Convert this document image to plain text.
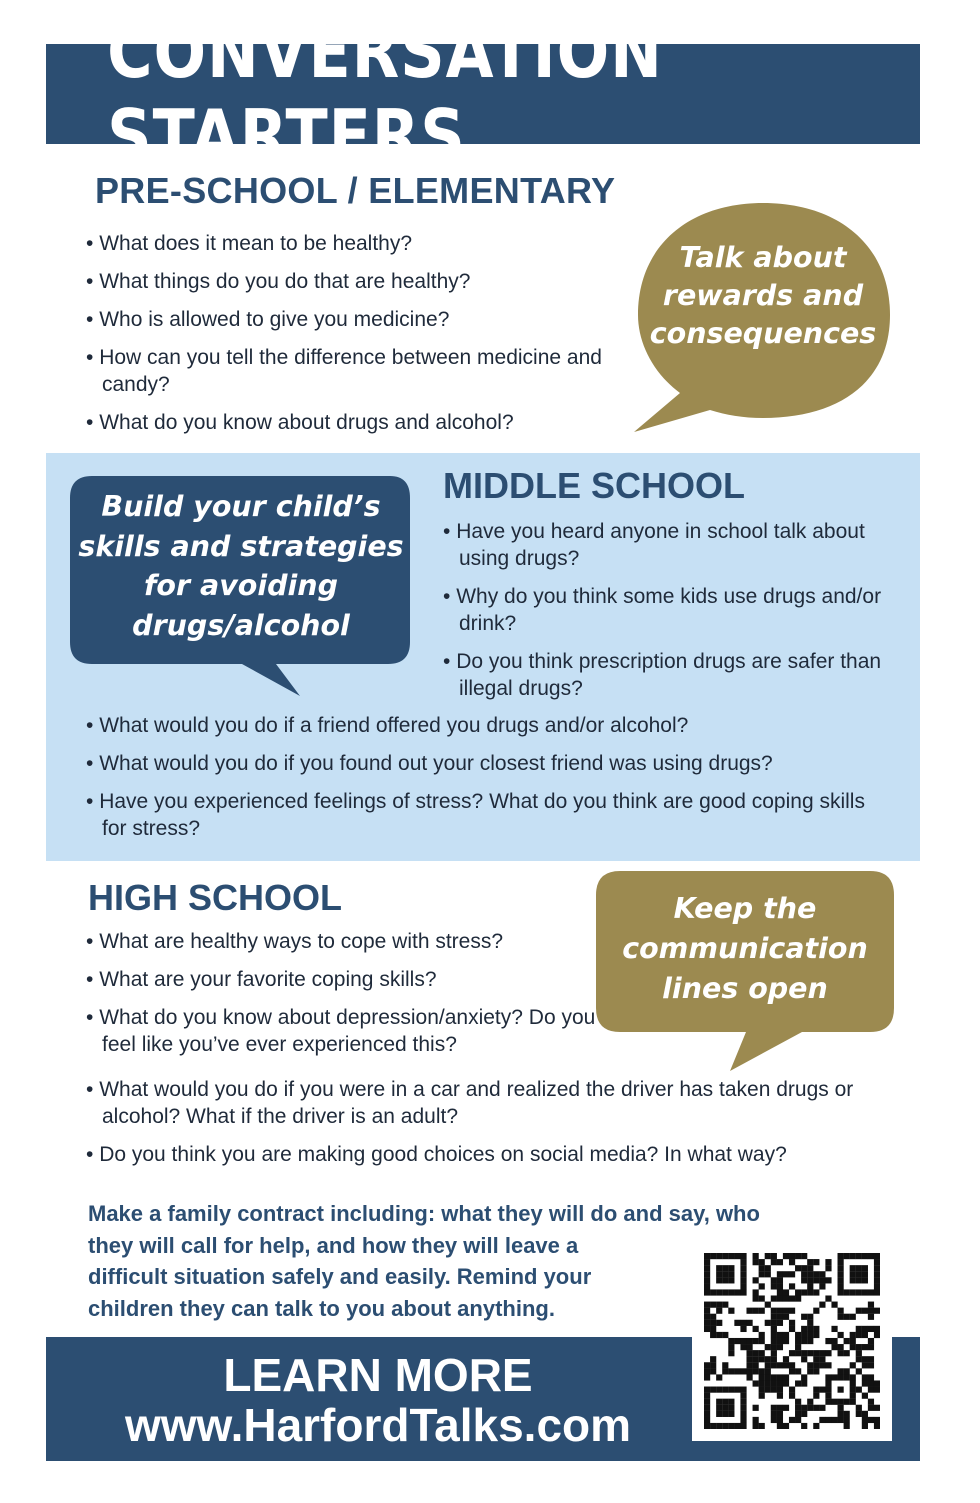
CONVERSATION STARTERS
PRE-SCHOOL / ELEMENTARY
• What does it mean to be healthy?
• What things do you do that are healthy?
• Who is allowed to give you medicine?
• How can you tell the difference between medicine and candy?
• What do you know about drugs and alcohol?
Talk about
rewards and
consequences
Build your child’s
skills and strategies
for avoiding
drugs/alcohol
MIDDLE SCHOOL
• Have you heard anyone in school talk about using drugs?
• Why do you think some kids use drugs and/or drink?
• Do you think prescription drugs are safer than illegal drugs?
• What would you do if a friend offered you drugs and/or alcohol?
• What would you do if you found out your closest friend was using drugs?
• Have you experienced feelings of stress? What do you think are good coping skills for stress?
HIGH SCHOOL	Keep the
communication
lines open
• What are healthy ways to cope with stress?
• What are your favorite coping skills?
• What do you know about depression/anxiety? Do you feel like you’ve ever experienced this?
• What would you do if you were in a car and realized the driver has taken drugs or alcohol? What if the driver is an adult?
• Do you think you are making good choices on social media? In what way?
Make a family contract including: what they will do and say, who
they will call for help, and how they will leave a
difficult situation safely and easily. Remind your
children they can talk to you about anything.
LEARN MORE
www.HarfordTalks.com
